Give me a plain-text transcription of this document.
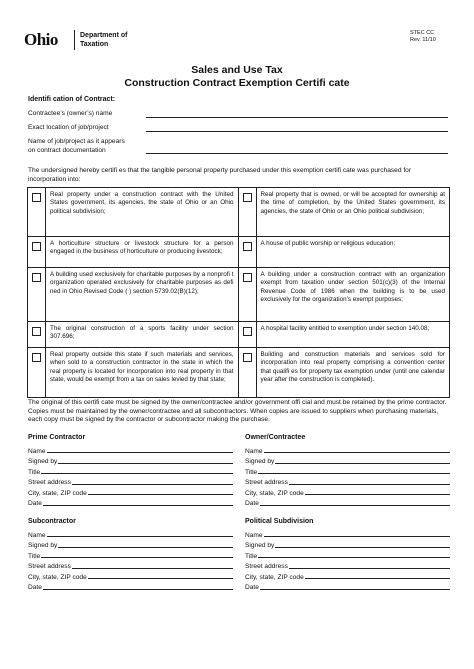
Ohio	Department of
Taxation
STEC CC
Rev. 11/10
Sales and Use Tax
Construction Contract Exemption Certifi cate
Identifi cation of Contract:
Contractee’s (owner’s) name
Exact location of job/project
Name of job/project as it appears
on contract documentation
The undersigned hereby certifi es that the tangible personal property purchased under this exemption certifi cate was purchased for incorporation into:
Real property under a construction contract with the United States government, its agencies, the state of Ohio or an Ohio political subdivision;
Real property that is owned, or will be accepted for ownership at the time of completion, by the United States government, its agencies, the state of Ohio or an Ohio political subdivision;
A horticulture structure or livestock structure for a person engaged in the business of horticulture or producing livestock;
A house of public worship or religious education;
A building used exclusively for charitable purposes by a nonprofi t organization operated exclusively for charitable purposes as defi ned in Ohio Revised Code ( ) section 5739.02(B)(12);
A building under a construction contract with an organization exempt from taxation under section 501(c)(3) of the Internal Revenue Code of 1986 when the building is to be used exclusively for the organization’s exempt purposes;
The original construction of a sports facility under section 307.696;
A hospital facility entitled to exemption under section 140.08;
Real property outside this state if such materials and services, when sold to a construction contractor in the state in which the real property is located for incorporation into real property in that state, would be exempt from a tax on sales levied by that state;
Building and construction materials and services sold for incorporation into real property comprising a convention center that qualifi es for property tax exemption under (until one calendar year after the construction is completed).
The original of this certifi cate must be signed by the owner/contractee and/or government offi cial and must be retained by the prime contractor. Copies must be maintained by the owner/contractee and all subcontractors. When copies are issued to suppliers when purchasing materials, each copy must be signed by the contractor or subcontractor making the purchase.
Prime Contractor
Name
Signed by
Title
Street address
City, state, ZIP code
Date
Owner/Contractee
Name
Signed by
Title
Street address
City, state, ZIP code
Date
Subcontractor
Name
Signed by
Title
Street address
City, state, ZIP code
Date
Political Subdivision
Name
Signed by
Title
Street address
City, state, ZIP code
Date
